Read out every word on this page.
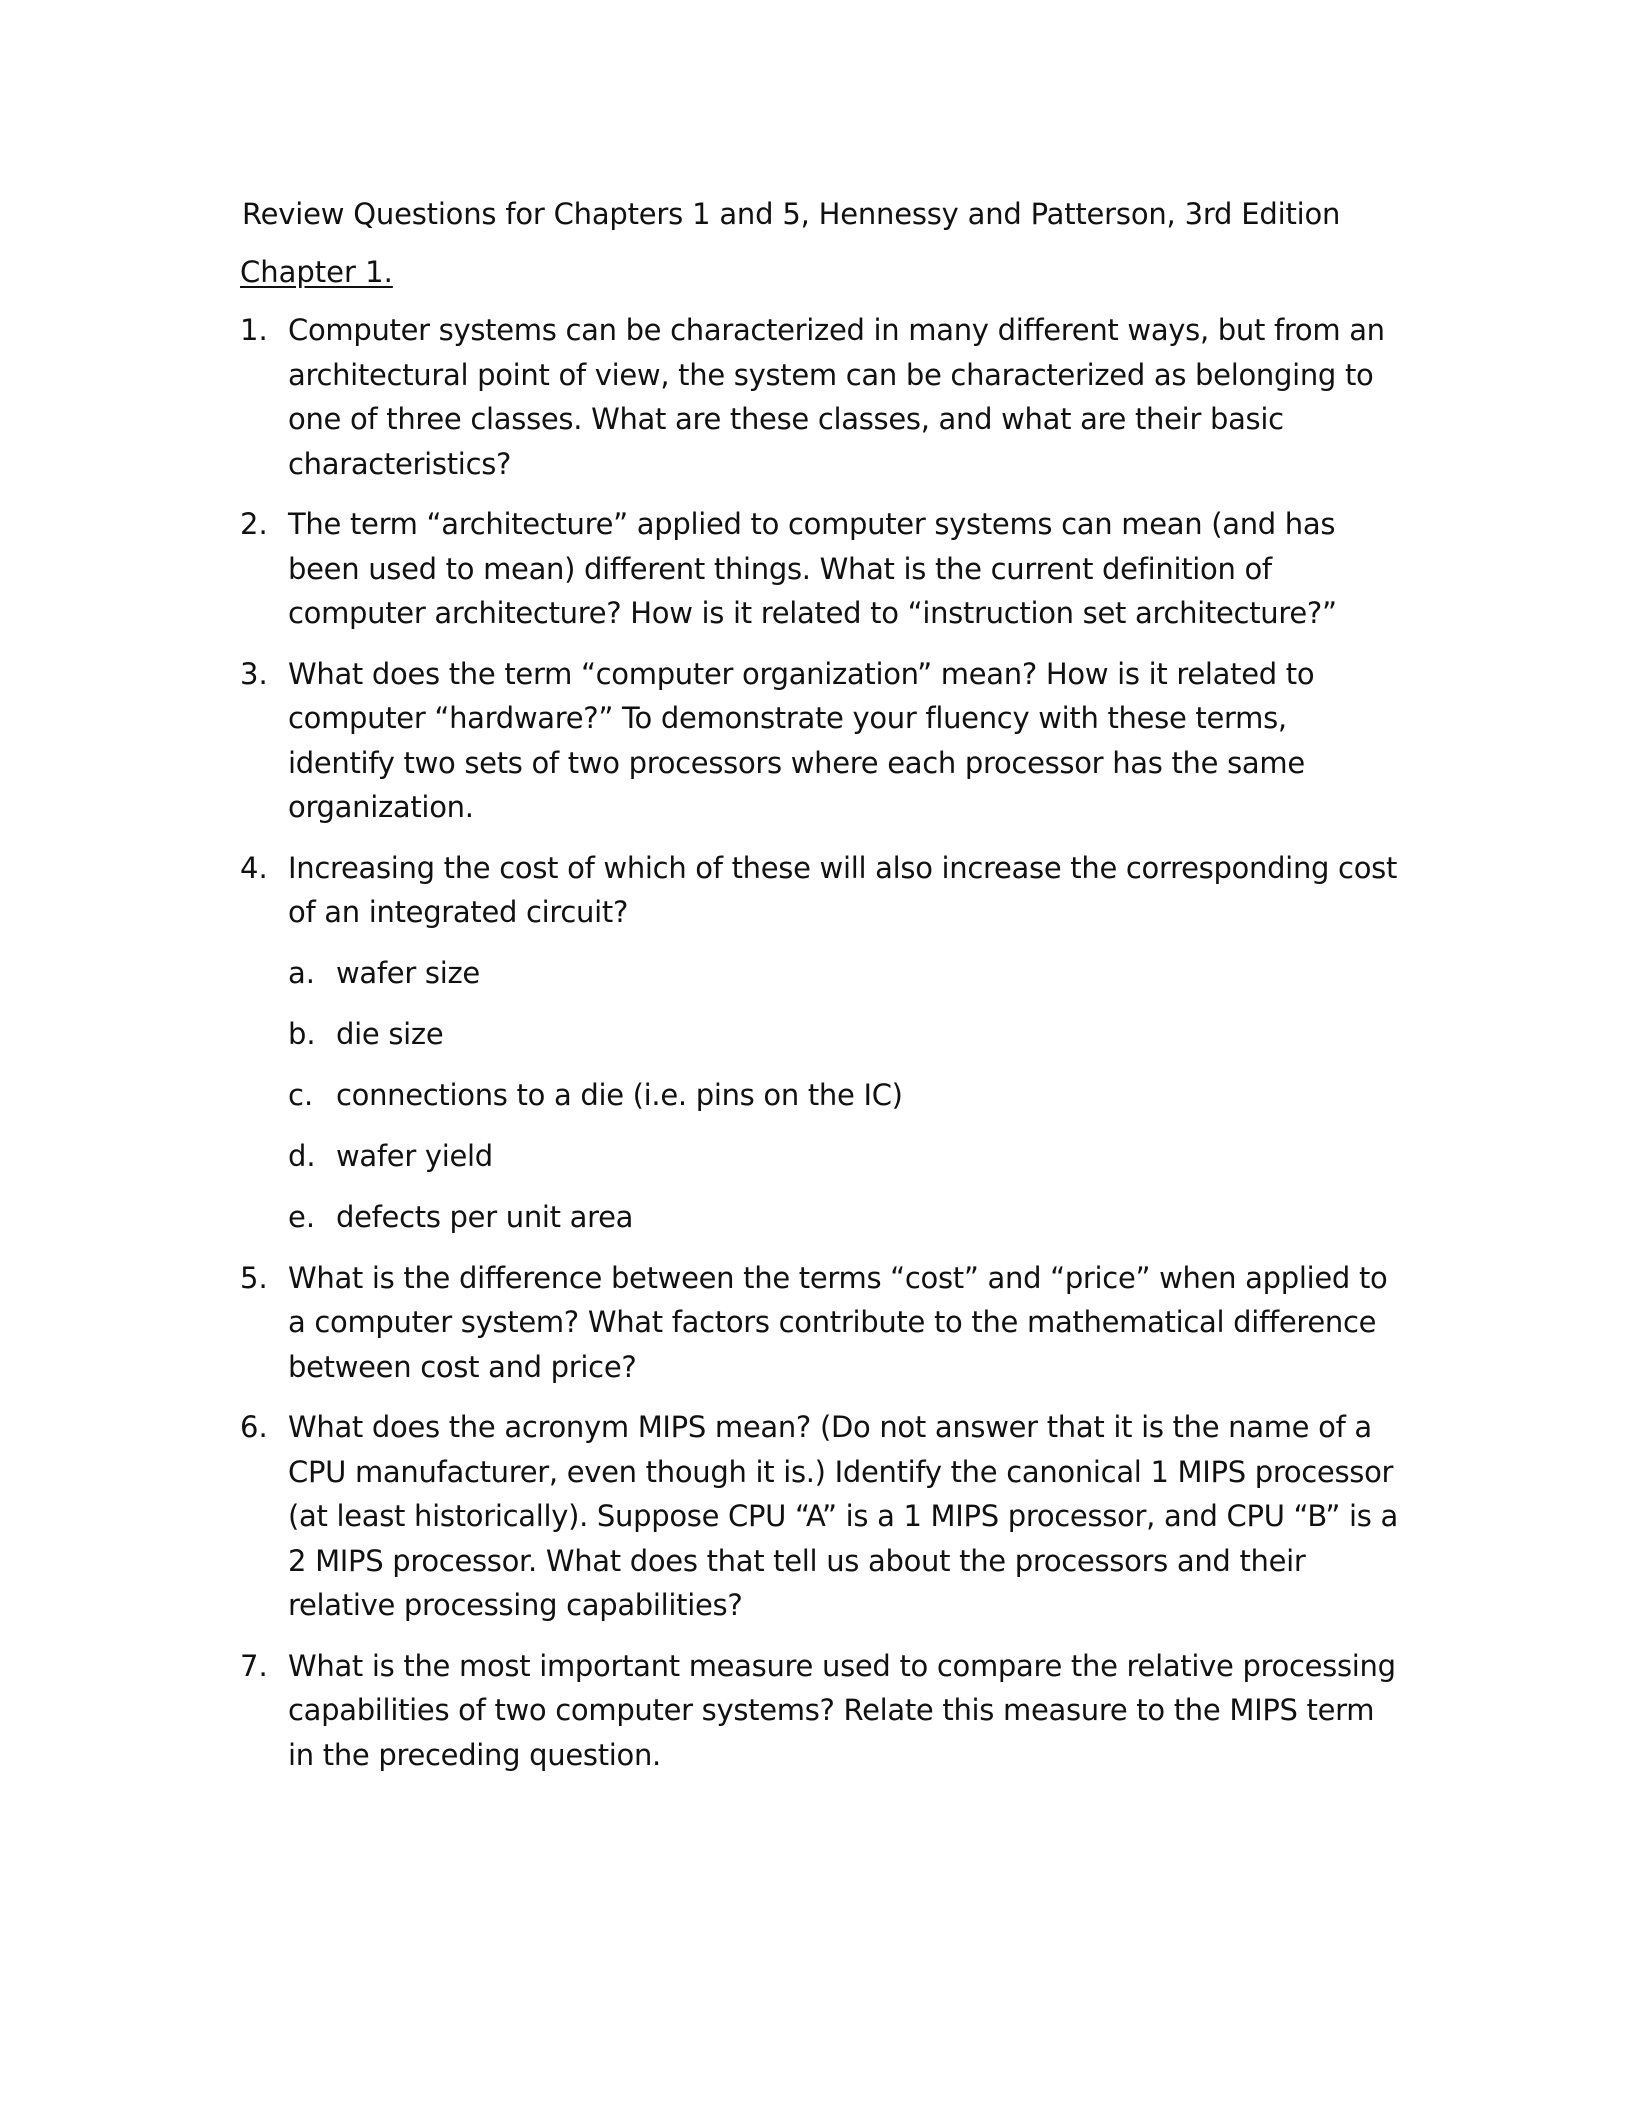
Review Questions for Chapters 1 and 5, Hennessy and Patterson, 3rd Edition
Chapter 1.
1. Computer systems can be characterized in many different ways, but from an architectural point of view, the system can be characterized as belonging to one of three classes. What are these classes, and what are their basic characteristics?
2. The term “architecture” applied to computer systems can mean (and has been used to mean) different things. What is the current definition of computer architecture? How is it related to “instruction set architecture?”
3. What does the term “computer organization” mean? How is it related to computer “hardware?” To demonstrate your fluency with these terms, identify two sets of two processors where each processor has the same organization.
4. Increasing the cost of which of these will also increase the corresponding cost of an integrated circuit?
a. wafer size
b. die size
c. connections to a die (i.e. pins on the IC)
d. wafer yield
e. defects per unit area
5. What is the difference between the terms “cost” and “price” when applied to a computer system? What factors contribute to the mathematical difference between cost and price?
6. What does the acronym MIPS mean? (Do not answer that it is the name of a CPU manufacturer, even though it is.) Identify the canonical 1 MIPS processor (at least historically). Suppose CPU “A” is a 1 MIPS processor, and CPU “B” is a 2 MIPS processor. What does that tell us about the processors and their relative processing capabilities?
7. What is the most important measure used to compare the relative processing capabilities of two computer systems? Relate this measure to the MIPS term in the preceding question.
